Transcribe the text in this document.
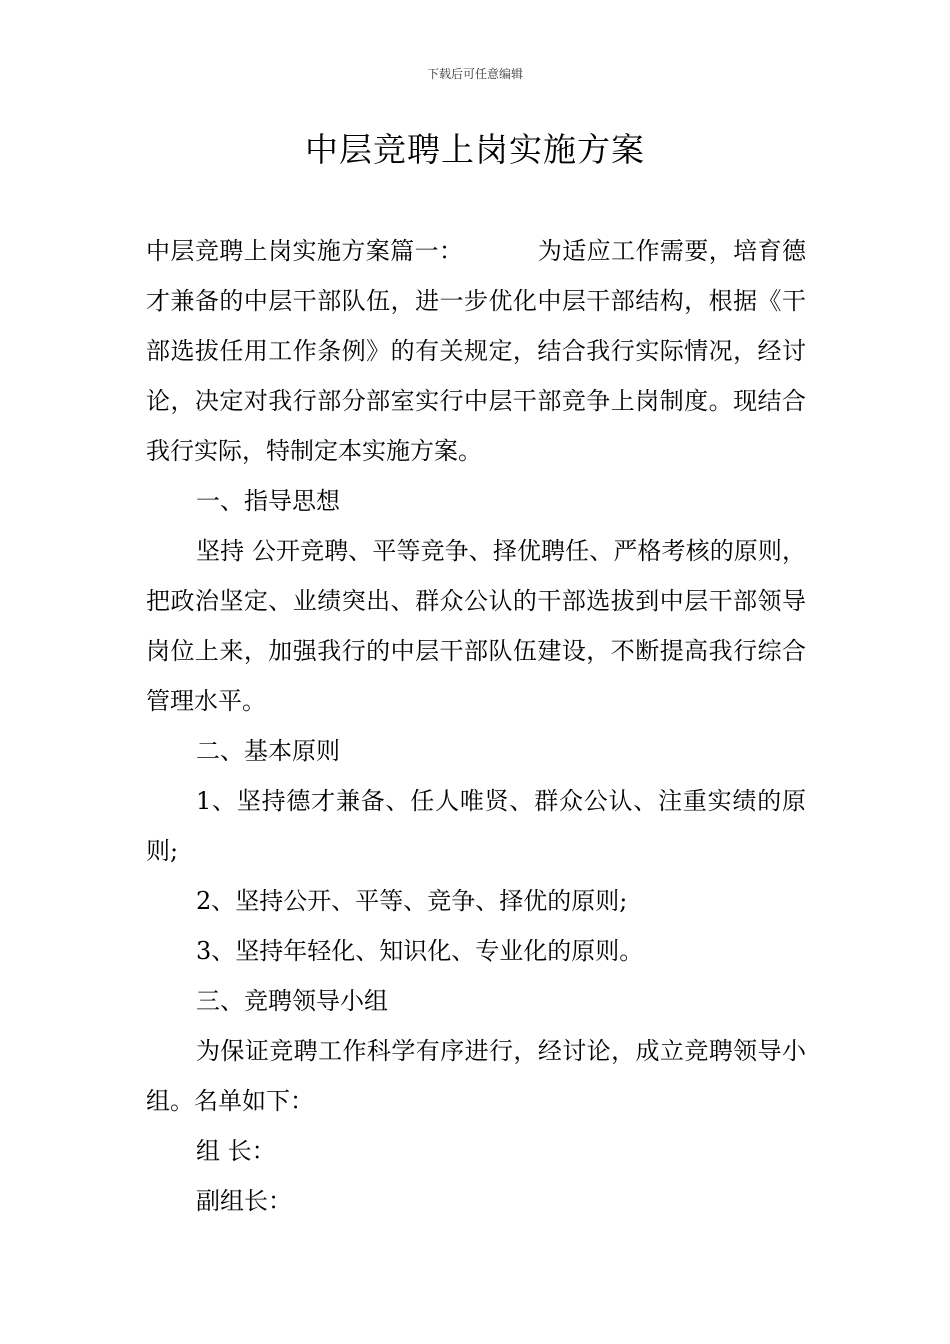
下载后可任意编辑
中层竞聘上岗实施方案

中层竞聘上岗实施方案篇一：	为适应工作需要，培育德才兼备的中层干部队伍，进一步优化中层干部结构，根据《干部选拔任用工作条例》的有关规定，结合我行实际情况，经讨论，决定对我行部分部室实行中层干部竞争上岗制度。现结合我行实际，特制定本实施方案。

一、指导思想

坚持 公开竞聘、平等竞争、择优聘任、严格考核的原则，把政治坚定、业绩突出、群众公认的干部选拔到中层干部领导岗位上来，加强我行的中层干部队伍建设，不断提高我行综合管理水平。

二、基本原则

1、坚持德才兼备、任人唯贤、群众公认、注重实绩的原则;

2、坚持公开、平等、竞争、择优的原则;

3、坚持年轻化、知识化、专业化的原则。

三、竞聘领导小组

为保证竞聘工作科学有序进行，经讨论，成立竞聘领导小组。名单如下：

组 长：

副组长：
